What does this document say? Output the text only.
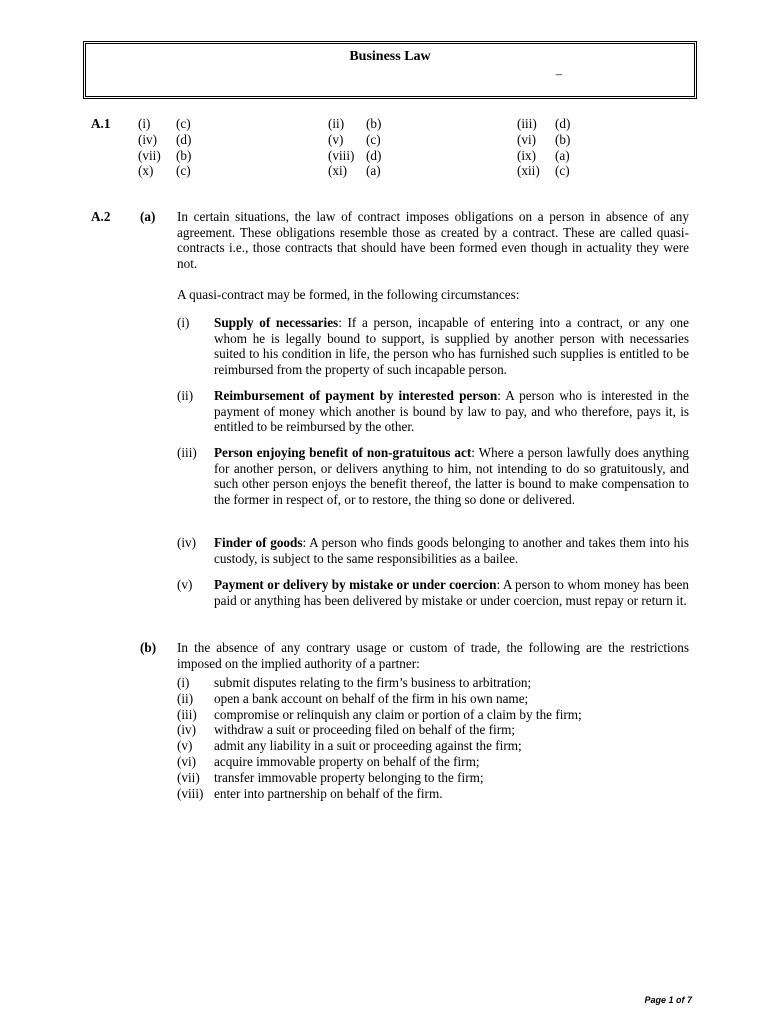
Business Law
–
A.1 (i) (c)	(ii) (b)	(iii) (d)
(iv) (d)	(v) (c)	(vi) (b)
(vii) (b)	(viii) (d)	(ix) (a)
(x) (c)	(xi) (a)	(xii) (c)
A.2 (a) In certain situations, the law of contract imposes obligations on a person in absence of any agreement. These obligations resemble those as created by a contract. These are called quasi-contracts i.e., those contracts that should have been formed even though in actuality they were not.

A quasi-contract may be formed, in the following circumstances:

(i) Supply of necessaries: If a person, incapable of entering into a contract, or any one whom he is legally bound to support, is supplied by another person with necessaries suited to his condition in life, the person who has furnished such supplies is entitled to be reimbursed from the property of such incapable person.
(ii) Reimbursement of payment by interested person: A person who is interested in the payment of money which another is bound by law to pay, and who therefore, pays it, is entitled to be reimbursed by the other.
(iii) Person enjoying benefit of non-gratuitous act: Where a person lawfully does anything for another person, or delivers anything to him, not intending to do so gratuitously, and such other person enjoys the benefit thereof, the latter is bound to make compensation to the former in respect of, or to restore, the thing so done or delivered.
(iv) Finder of goods: A person who finds goods belonging to another and takes them into his custody, is subject to the same responsibilities as a bailee.
(v) Payment or delivery by mistake or under coercion: A person to whom money has been paid or anything has been delivered by mistake or under coercion, must repay or return it.
(b) In the absence of any contrary usage or custom of trade, the following are the restrictions imposed on the implied authority of a partner:

(i) submit disputes relating to the firm’s business to arbitration;
(ii) open a bank account on behalf of the firm in his own name;
(iii) compromise or relinquish any claim or portion of a claim by the firm;
(iv) withdraw a suit or proceeding filed on behalf of the firm;
(v) admit any liability in a suit or proceeding against the firm;
(vi) acquire immovable property on behalf of the firm;
(vii) transfer immovable property belonging to the firm;
(viii) enter into partnership on behalf of the firm.
Page 1 of 7
